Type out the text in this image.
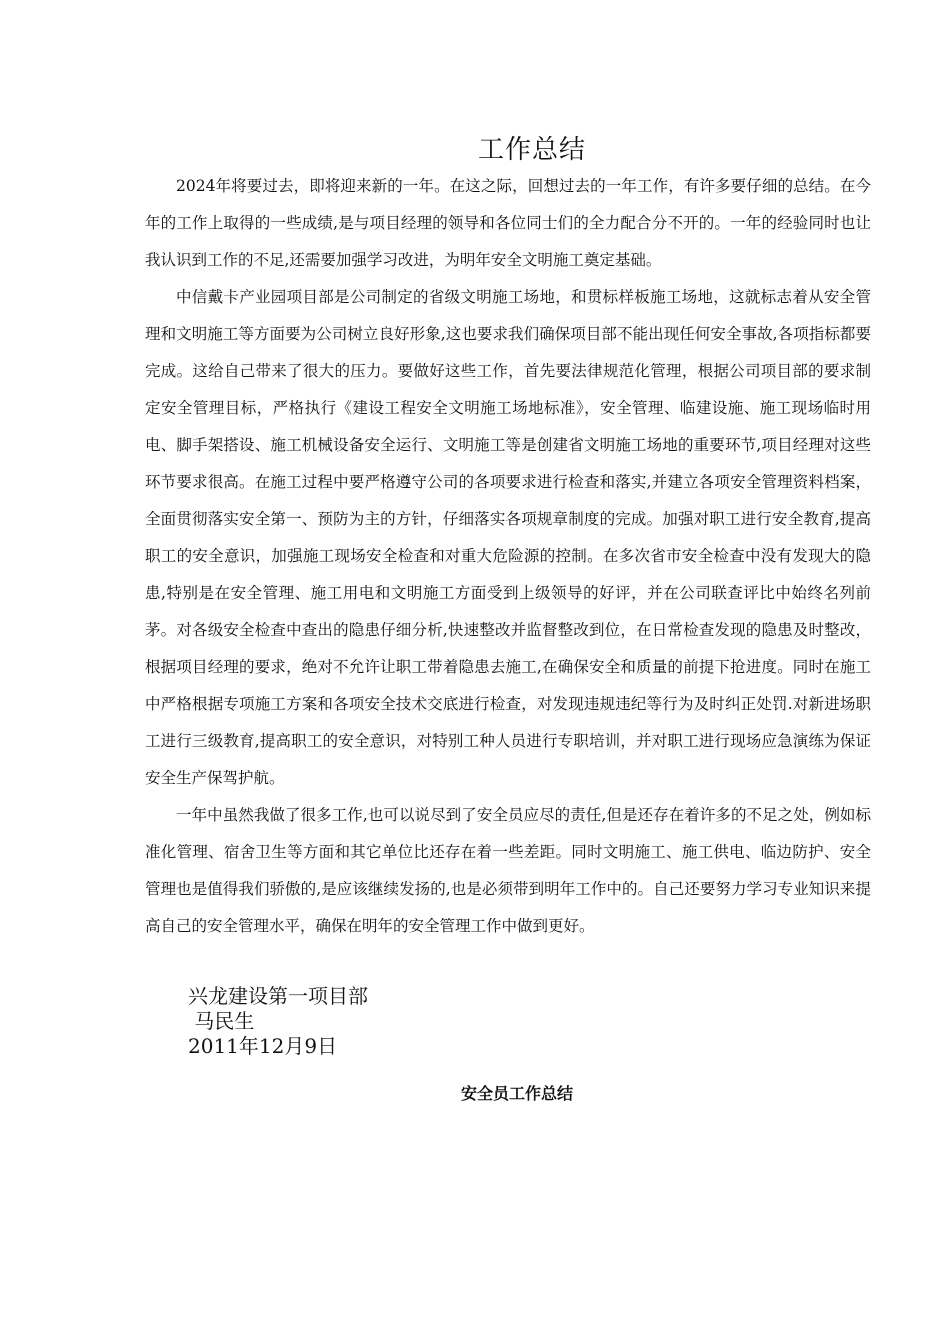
工作总结

2024年将要过去，即将迎来新的一年。在这之际，回想过去的一年工作，有许多要仔细的总结。在今年的工作上取得的一些成绩,是与项目经理的领导和各位同士们的全力配合分不开的。一年的经验同时也让我认识到工作的不足,还需要加强学习改进，为明年安全文明施工奠定基础。

中信戴卡产业园项目部是公司制定的省级文明施工场地，和贯标样板施工场地，这就标志着从安全管理和文明施工等方面要为公司树立良好形象,这也要求我们确保项目部不能出现任何安全事故,各项指标都要完成。这给自己带来了很大的压力。要做好这些工作，首先要法律规范化管理，根据公司项目部的要求制定安全管理目标，严格执行《建设工程安全文明施工场地标准》，安全管理、临建设施、施工现场临时用电、脚手架搭设、施工机械设备安全运行、文明施工等是创建省文明施工场地的重要环节,项目经理对这些环节要求很高。在施工过程中要严格遵守公司的各项要求进行检查和落实,并建立各项安全管理资料档案，全面贯彻落实安全第一、预防为主的方针，仔细落实各项规章制度的完成。加强对职工进行安全教育,提高职工的安全意识，加强施工现场安全检查和对重大危险源的控制。在多次省市安全检查中没有发现大的隐患,特别是在安全管理、施工用电和文明施工方面受到上级领导的好评，并在公司联查评比中始终名列前茅。对各级安全检查中查出的隐患仔细分析,快速整改并监督整改到位，在日常检查发现的隐患及时整改，根据项目经理的要求，绝对不允许让职工带着隐患去施工,在确保安全和质量的前提下抢进度。同时在施工中严格根据专项施工方案和各项安全技术交底进行检查，对发现违规违纪等行为及时纠正处罚.对新进场职工进行三级教育,提高职工的安全意识，对特别工种人员进行专职培训，并对职工进行现场应急演练为保证安全生产保驾护航。

一年中虽然我做了很多工作,也可以说尽到了安全员应尽的责任,但是还存在着许多的不足之处，例如标准化管理、宿舍卫生等方面和其它单位比还存在着一些差距。同时文明施工、施工供电、临边防护、安全管理也是值得我们骄傲的,是应该继续发扬的,也是必须带到明年工作中的。自己还要努力学习专业知识来提高自己的安全管理水平，确保在明年的安全管理工作中做到更好。

兴龙建设第一项目部
马民生
2011年12月9日
安全员工作总结
